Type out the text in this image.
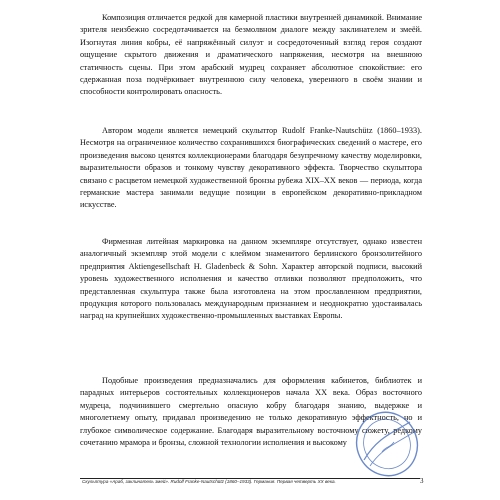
Композиция отличается редкой для камерной пластики внутренней динамикой. Внимание зрителя неизбежно сосредотачивается на безмолвном диалоге между заклинателем и змеёй. Изогнутая линия кобры, её напряжённый силуэт и сосредоточенный взгляд героя создают ощущение скрытого движения и драматического напряжения, несмотря на внешнюю статичность сцены. При этом арабский мудрец сохраняет абсолютное спокойствие: его сдержанная поза подчёркивает внутреннюю силу человека, уверенного в своём знании и способности контролировать опасность.

Автором модели является немецкий скульптор Rudolf Franke-Nautschütz (1860–1933). Несмотря на ограниченное количество сохранившихся биографических сведений о мастере, его произведения высоко ценятся коллекционерами благодаря безупречному качеству моделировки, выразительности образов и тонкому чувству декоративного эффекта. Творчество скульптора связано с расцветом немецкой художественной бронзы рубежа XIX–XX веков — периода, когда германские мастера занимали ведущие позиции в европейском декоративно-прикладном искусстве.

Фирменная литейная маркировка на данном экземпляре отсутствует, однако известен аналогичный экземпляр этой модели с клеймом знаменитого берлинского бронзолитейного предприятия Aktiengesellschaft H. Gladenbeck & Sohn. Характер авторской подписи, высокий уровень художественного исполнения и качество отливки позволяют предположить, что представленная скульптура также была изготовлена на этом прославленном предприятии, продукция которого пользовалась международным признанием и неоднократно удостаивалась наград на крупнейших художественно-промышленных выставках Европы.

Подобные произведения предназначались для оформления кабинетов, библиотек и парадных интерьеров состоятельных коллекционеров начала XX века. Образ восточного мудреца, подчинившего смертельно опасную кобру благодаря знанию, выдержке и многолетнему опыту, придавал произведению не только декоративную эффектность, но и глубокое символическое содержание. Благодаря выразительному восточному сюжету, редкому сочетанию мрамора и бронзы, сложной технологии исполнения и высокому

Скульптура «Араб, заклинатель змей». Rudolf Franke-Nautschütz (1860–1933). Германия. Первая четверть XX века.	3
